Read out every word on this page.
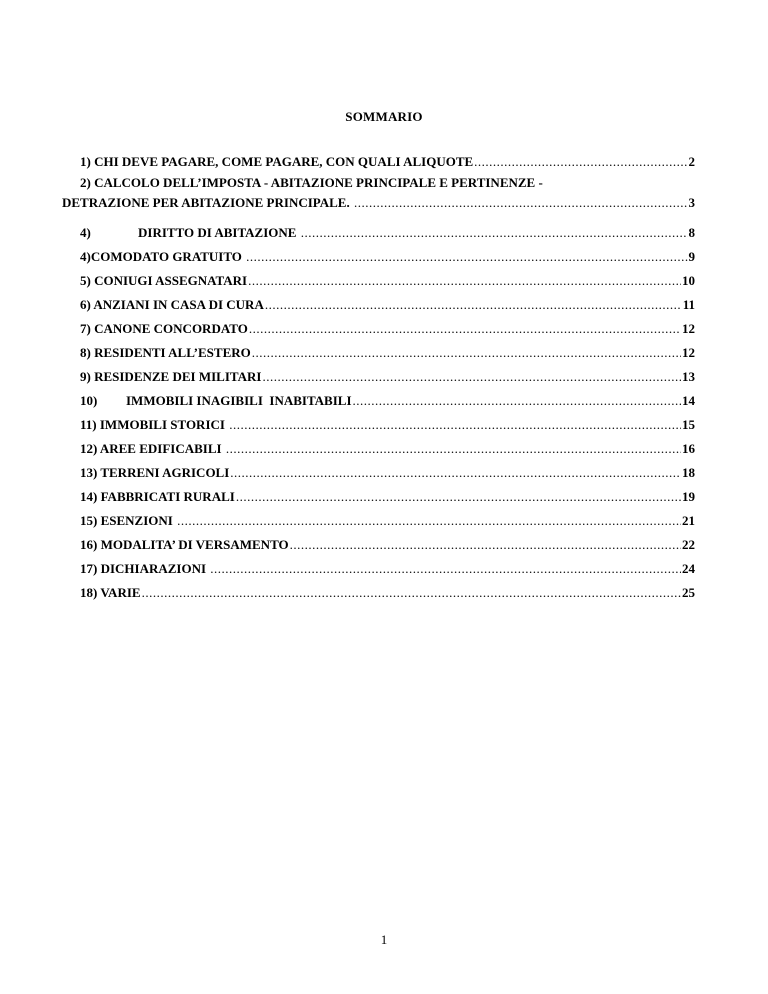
SOMMARIO
1) CHI DEVE PAGARE, COME PAGARE, CON QUALI ALIQUOTE .....	2
2) CALCOLO DELL’IMPOSTA - ABITAZIONE PRINCIPALE E PERTINENZE -
DETRAZIONE PER ABITAZIONE PRINCIPALE. .....	3
4)	DIRITTO DI ABITAZIONE .....	8
4)COMODATO GRATUITO .....	9
5) CONIUGI ASSEGNATARI .....	10
6) ANZIANI IN CASA DI CURA .....	11
7) CANONE CONCORDATO .....	12
8) RESIDENTI ALL’ESTERO .....	12
9) RESIDENZE DEI MILITARI .....	13
10) IMMOBILI INAGIBILI  INABITABILI .....	14
11) IMMOBILI STORICI .....	15
12) AREE EDIFICABILI .....	16
13) TERRENI AGRICOLI .....	18
14) FABBRICATI RURALI .....	19
15) ESENZIONI .....	21
16) MODALITA’ DI VERSAMENTO .....	22
17) DICHIARAZIONI .....	24
18) VARIE .....	25
1
